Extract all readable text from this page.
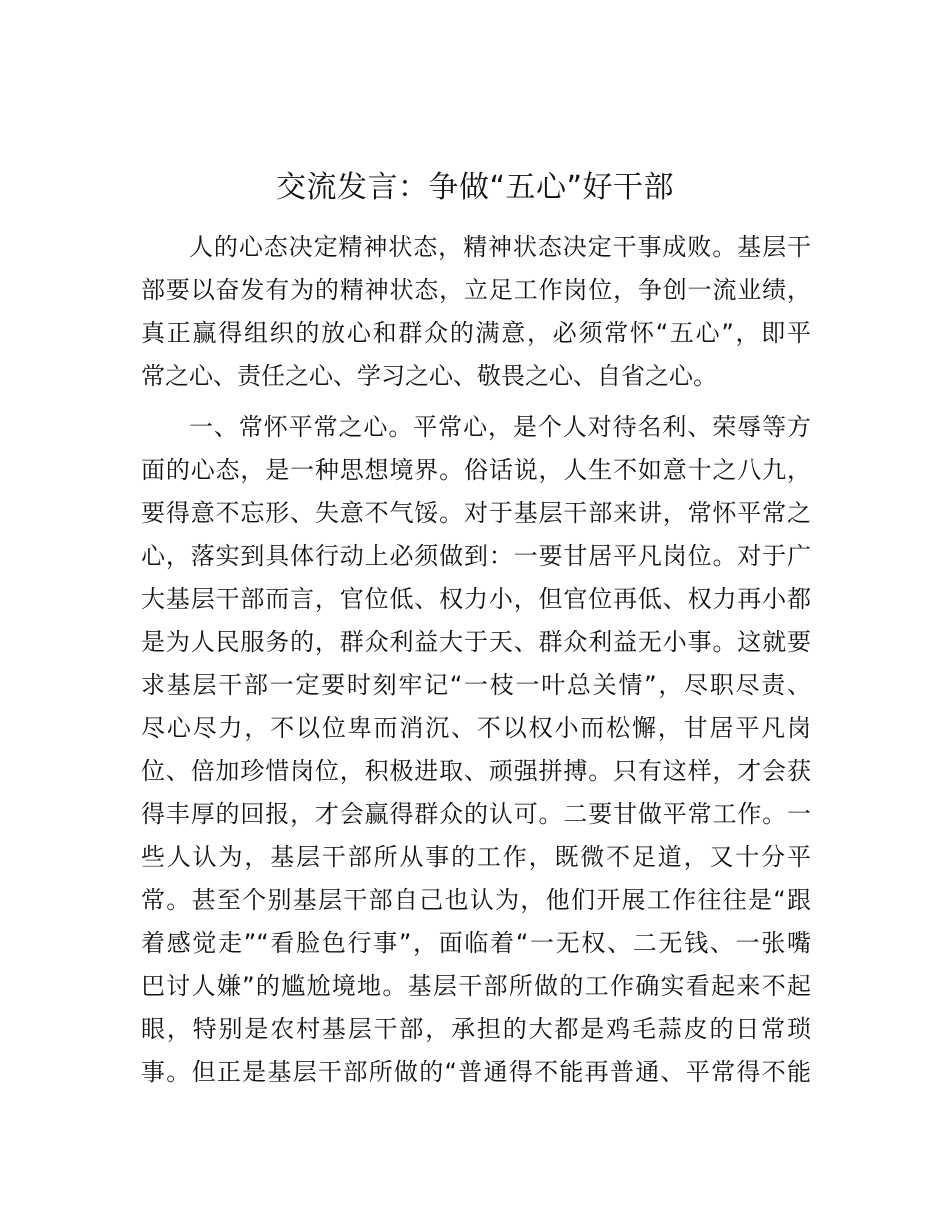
交流发言：争做“五心”好干部

人的心态决定精神状态，精神状态决定干事成败。基层干

部要以奋发有为的精神状态，立足工作岗位，争创一流业绩，

真正赢得组织的放心和群众的满意，必须常怀“五心”，即平

常之心、责任之心、学习之心、敬畏之心、自省之心。

一、常怀平常之心。平常心，是个人对待名利、荣辱等方

面的心态，是一种思想境界。俗话说，人生不如意十之八九，

要得意不忘形、失意不气馁。对于基层干部来讲，常怀平常之

心，落实到具体行动上必须做到：一要甘居平凡岗位。对于广

大基层干部而言，官位低、权力小，但官位再低、权力再小都

是为人民服务的，群众利益大于天、群众利益无小事。这就要

求基层干部一定要时刻牢记“一枝一叶总关情”，尽职尽责、

尽心尽力，不以位卑而消沉、不以权小而松懈，甘居平凡岗

位、倍加珍惜岗位，积极进取、顽强拼搏。只有这样，才会获

得丰厚的回报，才会赢得群众的认可。二要甘做平常工作。一

些人认为，基层干部所从事的工作，既微不足道，又十分平

常。甚至个别基层干部自己也认为，他们开展工作往往是“跟

着感觉走”“看脸色行事”，面临着“一无权、二无钱、一张嘴

巴讨人嫌”的尴尬境地。基层干部所做的工作确实看起来不起

眼，特别是农村基层干部，承担的大都是鸡毛蒜皮的日常琐

事。但正是基层干部所做的“普通得不能再普通、平常得不能
